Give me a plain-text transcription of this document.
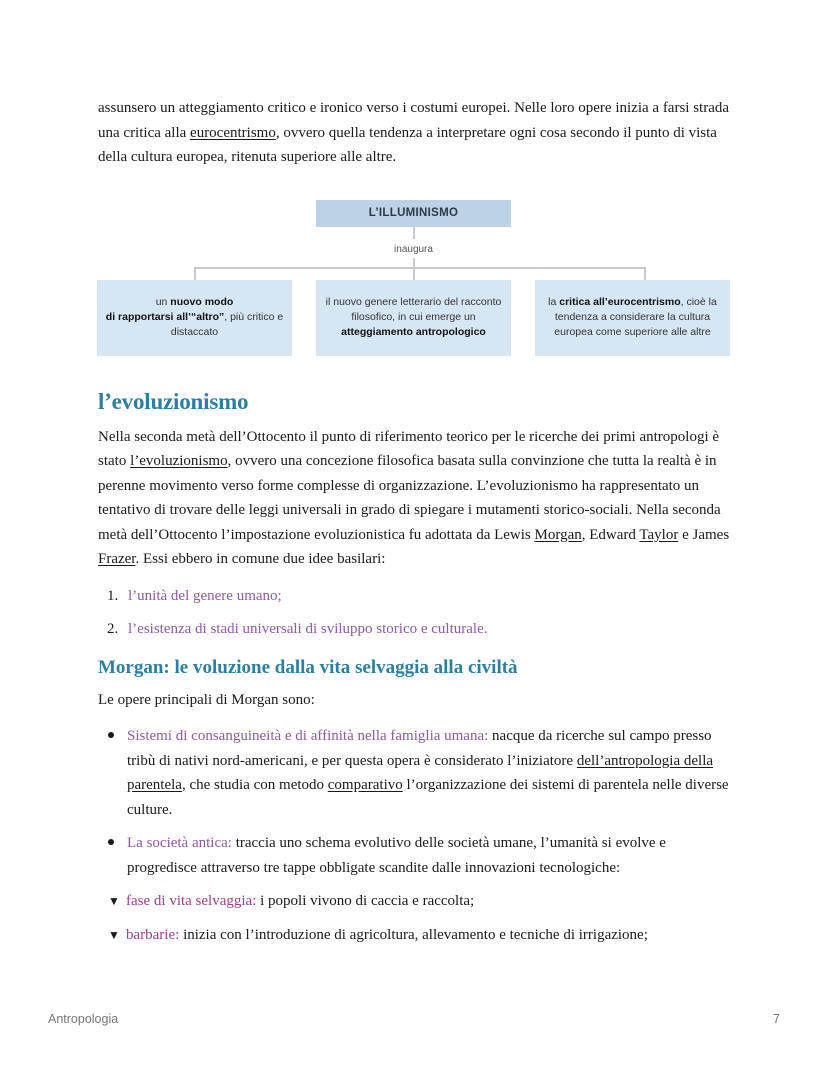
assunsero un atteggiamento critico e ironico verso i costumi europei. Nelle loro opere inizia a farsi strada una critica alla eurocentrismo, ovvero quella tendenza a interpretare ogni cosa secondo il punto di vista della cultura europea, ritenuta superiore alle altre.

L’ILLUMINISMO
inaugura
un nuovo modo
di rapportarsi all’“altro”, più critico e distaccato
il nuovo genere letterario del racconto filosofico, in cui emerge un atteggiamento antropologico
la critica all’eurocentrismo, cioè la tendenza a considerare la cultura europea come superiore alle altre
l’evoluzionismo

Nella seconda metà dell’Ottocento il punto di riferimento teorico per le ricerche dei primi antropologi è stato l’evoluzionismo, ovvero una concezione filosofica basata sulla convinzione che tutta la realtà è in perenne movimento verso forme complesse di organizzazione. L’evoluzionismo ha rappresentato un tentativo di trovare delle leggi universali in grado di spiegare i mutamenti storico-sociali. Nella seconda metà dell’Ottocento l’impostazione evoluzionistica fu adottata da Lewis Morgan, Edward Taylor e James Frazer. Essi ebbero in comune due idee basilari:

1. l’unità del genere umano;
2. l’esistenza di stadi universali di sviluppo storico e culturale.
Morgan: le voluzione dalla vita selvaggia alla civiltà

Le opere principali di Morgan sono:

Sistemi di consanguineità e di affinità nella famiglia umana: nacque da ricerche sul campo presso tribù di nativi nord-americani, e per questa opera è considerato l’iniziatore dell’antropologia della parentela, che studia con metodo comparativo l’organizzazione dei sistemi di parentela nelle diverse culture.
La società antica: traccia uno schema evolutivo delle società umane, l’umanità si evolve e progredisce attraverso tre tappe obbligate scandite dalle innovazioni tecnologiche:
▼ fase di vita selvaggia: i popoli vivono di caccia e raccolta;
▼ barbarie: inizia con l’introduzione di agricoltura, allevamento e tecniche di irrigazione;
Antropologia	7
